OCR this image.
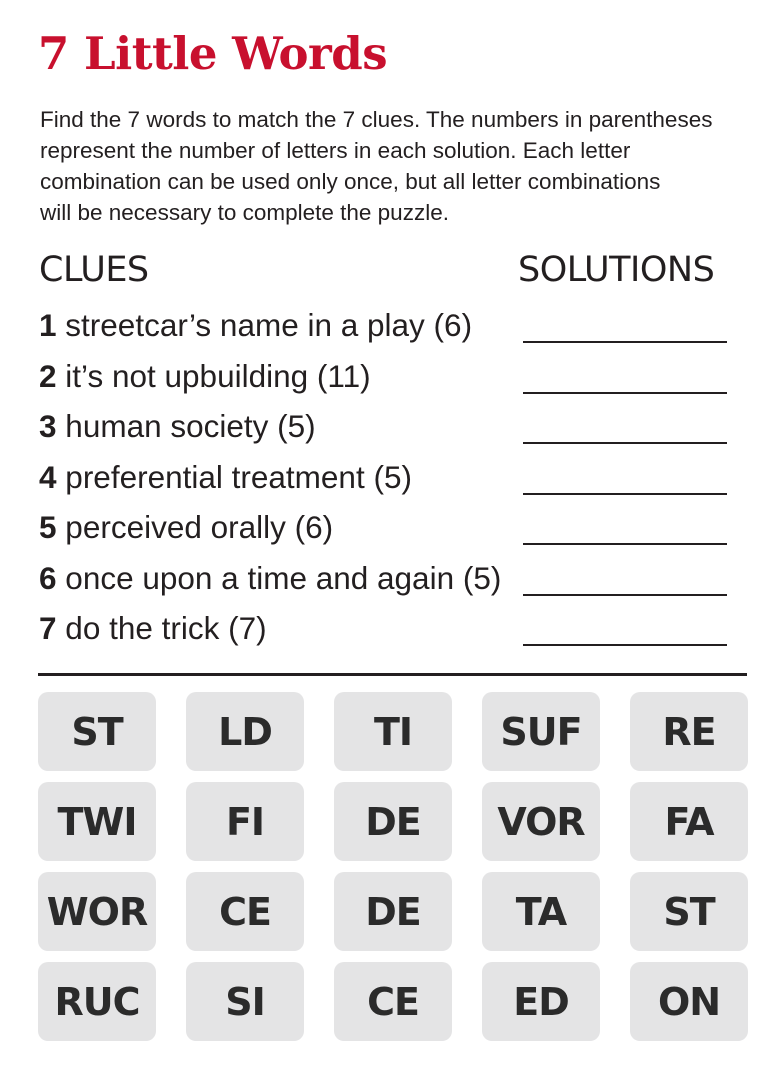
7 Little Words

Find the 7 words to match the 7 clues. The numbers in parentheses
represent the number of letters in each solution. Each letter
combination can be used only once, but all letter combinations
will be necessary to complete the puzzle.

CLUES	SOLUTIONS
1 streetcar’s name in a play (6)
2 it’s not upbuilding (11)
3 human society (5)
4 preferential treatment (5)
5 perceived orally (6)
6 once upon a time and again (5)
7 do the trick (7)
ST	LD	TI	SUF	RE
TWI	FI	DE	VOR	FA
WOR	CE	DE	TA	ST
RUC	SI	CE	ED	ON
